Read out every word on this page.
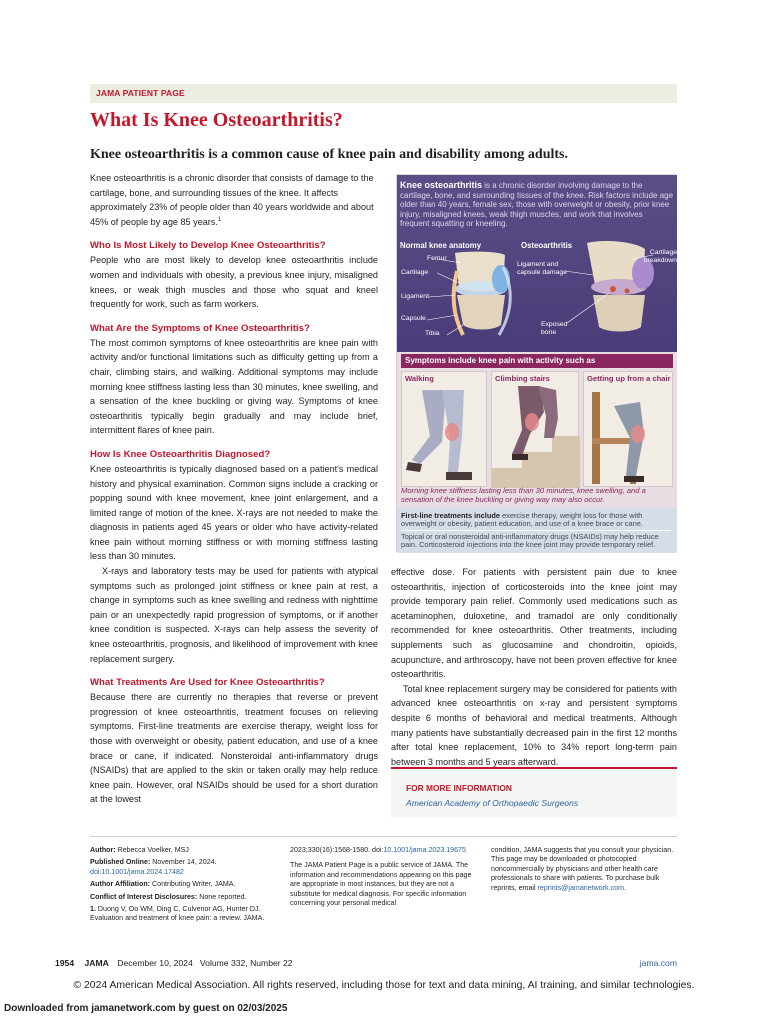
JAMA PATIENT PAGE
What Is Knee Osteoarthritis?
Knee osteoarthritis is a common cause of knee pain and disability among adults.

Knee osteoarthritis is a chronic disorder that consists of damage to the cartilage, bone, and surrounding tissues of the knee. It affects approximately 23% of people older than 40 years worldwide and about 45% of people by age 85 years.$^1$

Who Is Most Likely to Develop Knee Osteoarthritis?

People who are most likely to develop knee osteoarthritis include women and individuals with obesity, a previous knee injury, misaligned knees, or weak thigh muscles and those who squat and kneel frequently for work, such as farm workers.

What Are the Symptoms of Knee Osteoarthritis?

The most common symptoms of knee osteoarthritis are knee pain with activity and/or functional limitations such as difficulty getting up from a chair, climbing stairs, and walking. Additional symptoms may include morning knee stiffness lasting less than 30 minutes, knee swelling, and a sensation of the knee buckling or giving way. Symptoms of knee osteoarthritis typically begin gradually and may include brief, intermittent flares of knee pain.

How Is Knee Osteoarthritis Diagnosed?

Knee osteoarthritis is typically diagnosed based on a patient's medical history and physical examination. Common signs include a cracking or popping sound with knee movement, knee joint enlargement, and a limited range of motion of the knee. X-rays are not needed to make the diagnosis in patients aged 45 years or older who have activity-related knee pain without morning stiffness or with morning stiffness lasting less than 30 minutes.

X-rays and laboratory tests may be used for patients with atypical symptoms such as prolonged joint stiffness or knee pain at rest, a change in symptoms such as knee swelling and redness with nighttime pain or an unexpectedly rapid progression of symptoms, or if another knee condition is suspected. X-rays can help assess the severity of knee osteoarthritis, prognosis, and likelihood of improvement with knee replacement surgery.

What Treatments Are Used for Knee Osteoarthritis?

Because there are currently no therapies that reverse or prevent progression of knee osteoarthritis, treatment focuses on relieving symptoms. First-line treatments are exercise therapy, weight loss for those with overweight or obesity, patient education, and use of a knee brace or cane, if indicated. Nonsteroidal anti-inflammatory drugs (NSAIDs) that are applied to the skin or taken orally may help reduce knee pain. However, oral NSAIDs should be used for a short duration at the lowest

effective dose. For patients with persistent pain due to knee osteoarthritis, injection of corticosteroids into the knee joint may provide temporary pain relief. Commonly used medications such as acetaminophen, duloxetine, and tramadol are only conditionally recommended for knee osteoarthritis. Other treatments, including supplements such as glucosamine and chondroitin, opioids, acupuncture, and arthroscopy, have not been proven effective for knee osteoarthritis.

Total knee replacement surgery may be considered for patients with advanced knee osteoarthritis on x-ray and persistent symptoms despite 6 months of behavioral and medical treatments. Although many patients have substantially decreased pain in the first 12 months after total knee replacement, 10% to 34% report long-term pain between 3 months and 5 years afterward.

Knee osteoarthritis is a chronic disorder involving damage to the cartilage, bone, and surrounding tissues of the knee. Risk factors include age older than 40 years, female sex, those with overweight or obesity, prior knee injury, misaligned knees, weak thigh muscles, and work that involves frequent squatting or kneeling.
Normal knee anatomy	Osteoarthritis
Femur
Cartilage
Ligament
Capsule
Tibia
Ligament and capsule damage
Cartilage breakdown
Exposed bone
Symptoms include knee pain with activity such as
Walking	Climbing stairs	Getting up from a chair
Morning knee stiffness lasting less than 30 minutes, knee swelling, and a sensation of the knee buckling or giving way may also occur.
First-line treatments include exercise therapy, weight loss for those with overweight or obesity, patient education, and use of a knee brace or cane.
Topical or oral nonsteroidal anti-inflammatory drugs (NSAIDs) may help reduce pain. Corticosteroid injections into the knee joint may provide temporary relief.
FOR MORE INFORMATION
American Academy of Orthopaedic Surgeons
Author: Rebecca Voelker, MSJ
Published Online: November 14, 2024.
doi:10.1001/jama.2024.17482
Author Affiliation: Contributing Writer, JAMA.
Conflict of Interest Disclosures: None reported.
1. Duong V, Oo WM, Ding C, Culvenor AG, Hunter DJ. Evaluation and treatment of knee pain: a review. JAMA.
2023;330(16):1568-1580. doi:10.1001/jama.2023.19675
The JAMA Patient Page is a public service of JAMA. The information and recommendations appearing on this page are appropriate in most instances, but they are not a substitute for medical diagnosis. For specific information concerning your personal medical
condition, JAMA suggests that you consult your physician. This page may be downloaded or photocopied noncommercially by physicians and other health care professionals to share with patients. To purchase bulk reprints, email reprints@jamanetwork.com.
1954 JAMA December 10, 2024   Volume 332, Number 22	jama.com
© 2024 American Medical Association. All rights reserved, including those for text and data mining, AI training, and similar technologies.
Downloaded from jamanetwork.com by guest on 02/03/2025
